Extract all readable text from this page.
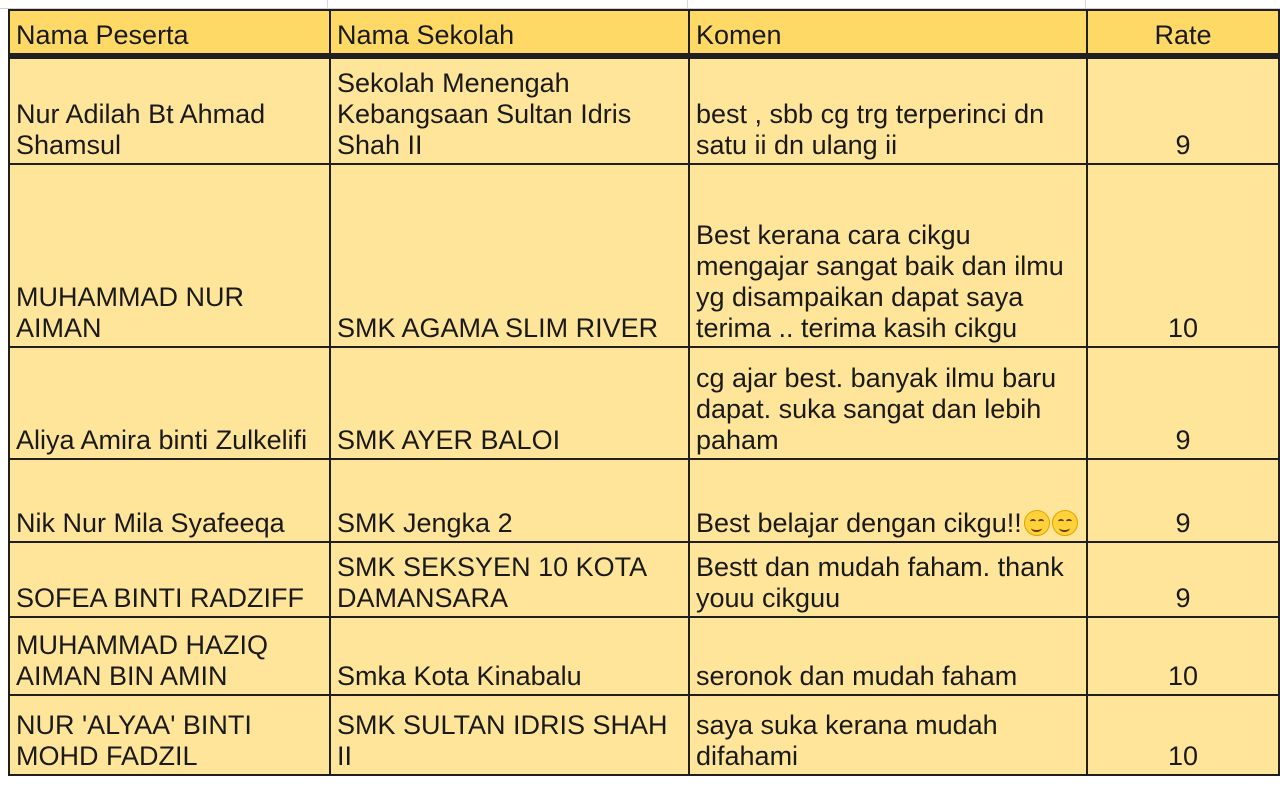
Nama Peserta	Nama Sekolah	Komen	Rate
Nur Adilah Bt Ahmad Shamsul	Sekolah Menengah Kebangsaan Sultan Idris Shah II	best , sbb cg trg terperinci dn satu ii dn ulang ii	9
MUHAMMAD NUR AIMAN	SMK AGAMA SLIM RIVER	Best kerana cara cikgu mengajar sangat baik dan ilmu yg disampaikan dapat saya terima .. terima kasih cikgu	10
Aliya Amira binti Zulkelifi	SMK AYER BALOI	cg ajar best. banyak ilmu baru dapat. suka sangat dan lebih paham	9
Nik Nur Mila Syafeeqa	SMK Jengka 2	Best belajar dengan cikgu!!	9
SOFEA BINTI RADZIFF	SMK SEKSYEN 10 KOTA DAMANSARA	Bestt dan mudah faham. thank youu cikguu	9
MUHAMMAD HAZIQ AIMAN BIN AMIN	Smka Kota Kinabalu	seronok dan mudah faham	10
NUR 'ALYAA' BINTI MOHD FADZIL	SMK SULTAN IDRIS SHAH II	saya suka kerana mudah difahami	10
